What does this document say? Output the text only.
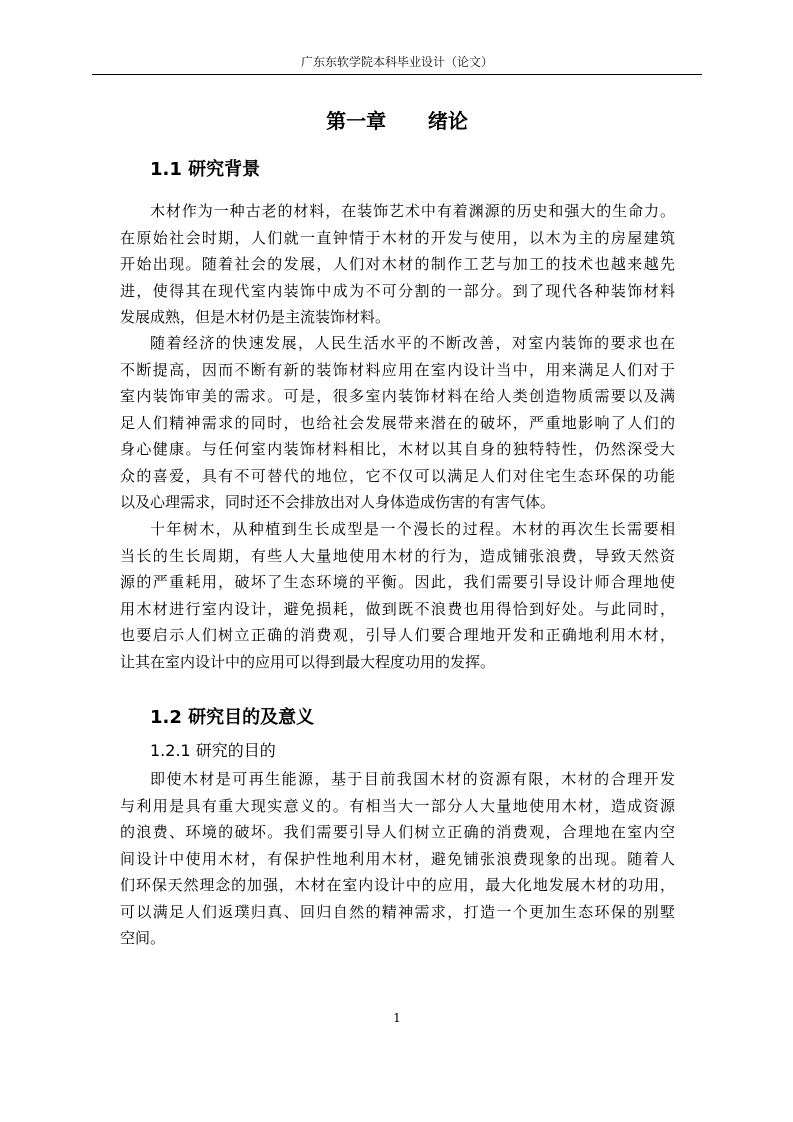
广东东软学院本科毕业设计（论文）
第一章      绪论
1.1 研究背景
木材作为一种古老的材料，在装饰艺术中有着渊源的历史和强大的生命力。
在原始社会时期，人们就一直钟情于木材的开发与使用，以木为主的房屋建筑
开始出现。随着社会的发展，人们对木材的制作工艺与加工的技术也越来越先
进，使得其在现代室内装饰中成为不可分割的一部分。到了现代各种装饰材料
发展成熟，但是木材仍是主流装饰材料。
随着经济的快速发展，人民生活水平的不断改善，对室内装饰的要求也在
不断提高，因而不断有新的装饰材料应用在室内设计当中，用来满足人们对于
室内装饰审美的需求。可是，很多室内装饰材料在给人类创造物质需要以及满
足人们精神需求的同时，也给社会发展带来潜在的破坏，严重地影响了人们的
身心健康。与任何室内装饰材料相比，木材以其自身的独特特性，仍然深受大
众的喜爱，具有不可替代的地位，它不仅可以满足人们对住宅生态环保的功能
以及心理需求，同时还不会排放出对人身体造成伤害的有害气体。
十年树木，从种植到生长成型是一个漫长的过程。木材的再次生长需要相
当长的生长周期，有些人大量地使用木材的行为，造成铺张浪费，导致天然资
源的严重耗用，破坏了生态环境的平衡。因此，我们需要引导设计师合理地使
用木材进行室内设计，避免损耗，做到既不浪费也用得恰到好处。与此同时，
也要启示人们树立正确的消费观，引导人们要合理地开发和正确地利用木材，
让其在室内设计中的应用可以得到最大程度功用的发挥。
1.2 研究目的及意义
1.2.1 研究的目的
即使木材是可再生能源，基于目前我国木材的资源有限，木材的合理开发
与利用是具有重大现实意义的。有相当大一部分人大量地使用木材，造成资源
的浪费、环境的破坏。我们需要引导人们树立正确的消费观，合理地在室内空
间设计中使用木材，有保护性地利用木材，避免铺张浪费现象的出现。随着人
们环保天然理念的加强，木材在室内设计中的应用，最大化地发展木材的功用，
可以满足人们返璞归真、回归自然的精神需求，打造一个更加生态环保的别墅
空间。
1
